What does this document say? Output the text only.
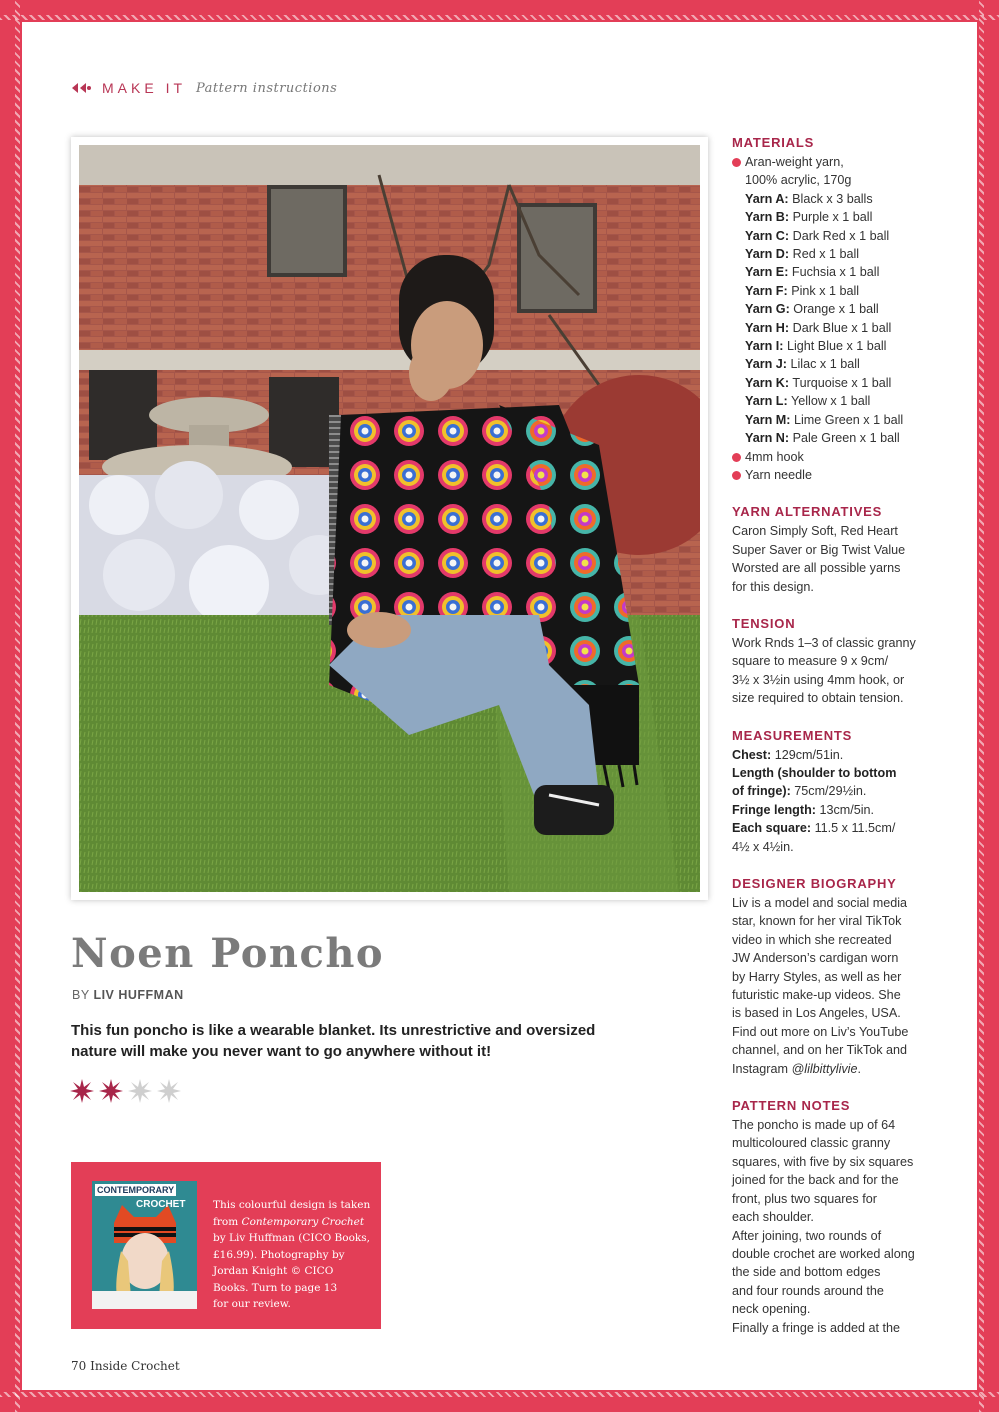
MAKE IT Pattern instructions
Noen Poncho
BY LIV HUFFMAN
This fun poncho is like a wearable blanket. Its unrestrictive and oversized nature will make you never want to go anywhere without it!
CONTEMPORARY
CROCHET	This colourful design is taken
from Contemporary Crochet
by Liv Huffman (CICO Books,
£16.99). Photography by
Jordan Knight © CICO
Books. Turn to page 13
for our review.
70 Inside Crochet
MATERIALS

Aran-weight yarn,

100% acrylic, 170g

Yarn A: Black x 3 balls

Yarn B: Purple x 1 ball

Yarn C: Dark Red x 1 ball

Yarn D: Red x 1 ball

Yarn E: Fuchsia x 1 ball

Yarn F: Pink x 1 ball

Yarn G: Orange x 1 ball

Yarn H: Dark Blue x 1 ball

Yarn I: Light Blue x 1 ball

Yarn J: Lilac x 1 ball

Yarn K: Turquoise x 1 ball

Yarn L: Yellow x 1 ball

Yarn M: Lime Green x 1 ball

Yarn N: Pale Green x 1 ball

4mm hook

Yarn needle

YARN ALTERNATIVES

Caron Simply Soft, Red Heart

Super Saver or Big Twist Value

Worsted are all possible yarns

for this design.

TENSION

Work Rnds 1–3 of classic granny

square to measure 9 x 9cm/

3½ x 3½in using 4mm hook, or

size required to obtain tension.

MEASUREMENTS

Chest: 129cm/51in.

Length (shoulder to bottom

of fringe): 75cm/29½in.

Fringe length: 13cm/5in.

Each square: 11.5 x 11.5cm/

4½ x 4½in.

DESIGNER BIOGRAPHY

Liv is a model and social media

star, known for her viral TikTok

video in which she recreated

JW Anderson’s cardigan worn

by Harry Styles, as well as her

futuristic make-up videos. She

is based in Los Angeles, USA.

Find out more on Liv’s YouTube

channel, and on her TikTok and

Instagram @lilbittylivie.

PATTERN NOTES

The poncho is made up of 64

multicoloured classic granny

squares, with five by six squares

joined for the back and for the

front, plus two squares for

each shoulder.

After joining, two rounds of

double crochet are worked along

the side and bottom edges

and four rounds around the

neck opening.

Finally a fringe is added at the
